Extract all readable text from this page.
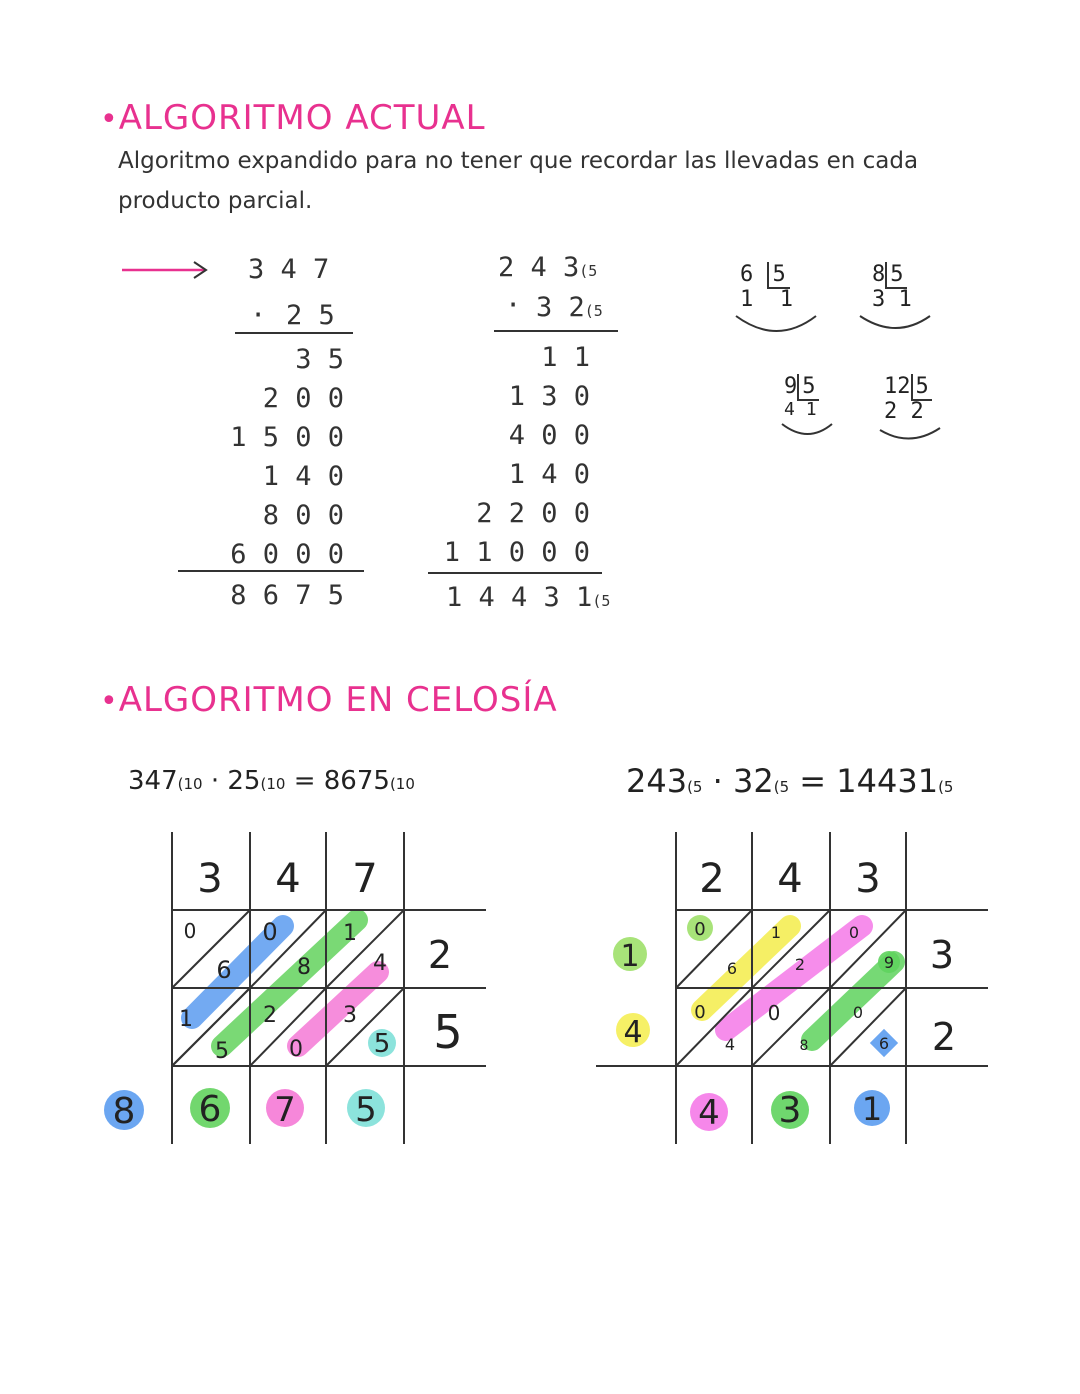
•ALGORITMO ACTUAL
Algoritmo expandido para no tener que recordar las llevadas en cada
producto parcial.
3 4 7
· 2 5
3 5
2 0 0
1 5 0 0
1 4 0
8 0 0
6 0 0 0
8 6 7 5
2 4 3(5
· 3 2(5
1 1
1 3 0
4 0 0
1 4 0
2 2 0 0
1 1 0 0 0
1 4 4 3 1(5
6 5
1 1
8 5
3 1
9 5
4 1
12 5
2 2
•ALGORITMO EN CELOSÍA
347(10 · 25(10 = 8675(10	243(5 · 32(5 = 14431(5
3 4 7
2
5
0
6
0
8
1
4
1
5
2
0
3
5
8 6 7 5
2 4 3
3
2
1
4
0
6
1
2
0
9
0
4
0
8
0
6
4 3 1
